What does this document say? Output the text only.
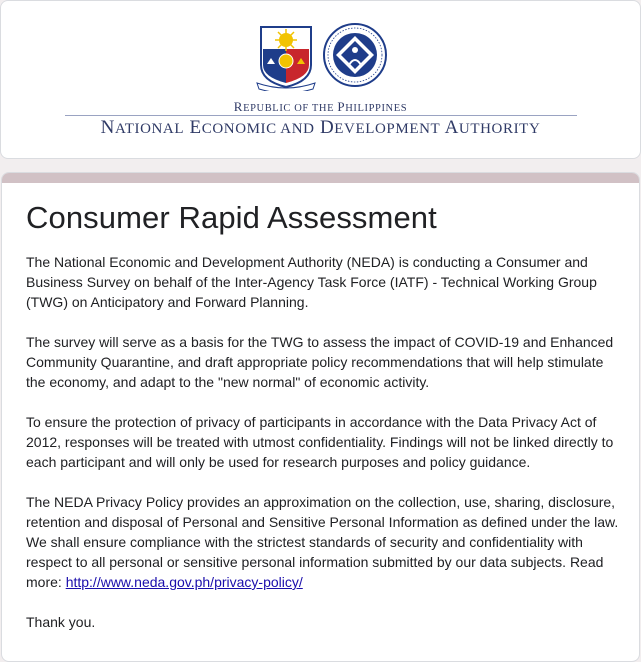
REPUBLIC OF THE PHILIPPINES
NATIONAL ECONOMIC AND DEVELOPMENT AUTHORITY
Consumer Rapid Assessment

The National Economic and Development Authority (NEDA) is conducting a Consumer and Business Survey on behalf of the Inter-Agency Task Force (IATF) - Technical Working Group (TWG) on Anticipatory and Forward Planning.

The survey will serve as a basis for the TWG to assess the impact of COVID-19 and Enhanced Community Quarantine, and draft appropriate policy recommendations that will help stimulate the economy, and adapt to the "new normal" of economic activity.

To ensure the protection of privacy of participants in accordance with the Data Privacy Act of 2012, responses will be treated with utmost confidentiality. Findings will not be linked directly to each participant and will only be used for research purposes and policy guidance.

The NEDA Privacy Policy provides an approximation on the collection, use, sharing, disclosure, retention and disposal of Personal and Sensitive Personal Information as defined under the law. We shall ensure compliance with the strictest standards of security and confidentiality with respect to all personal or sensitive personal information submitted by our data subjects. Read more: http://www.neda.gov.ph/privacy-policy/

Thank you.
